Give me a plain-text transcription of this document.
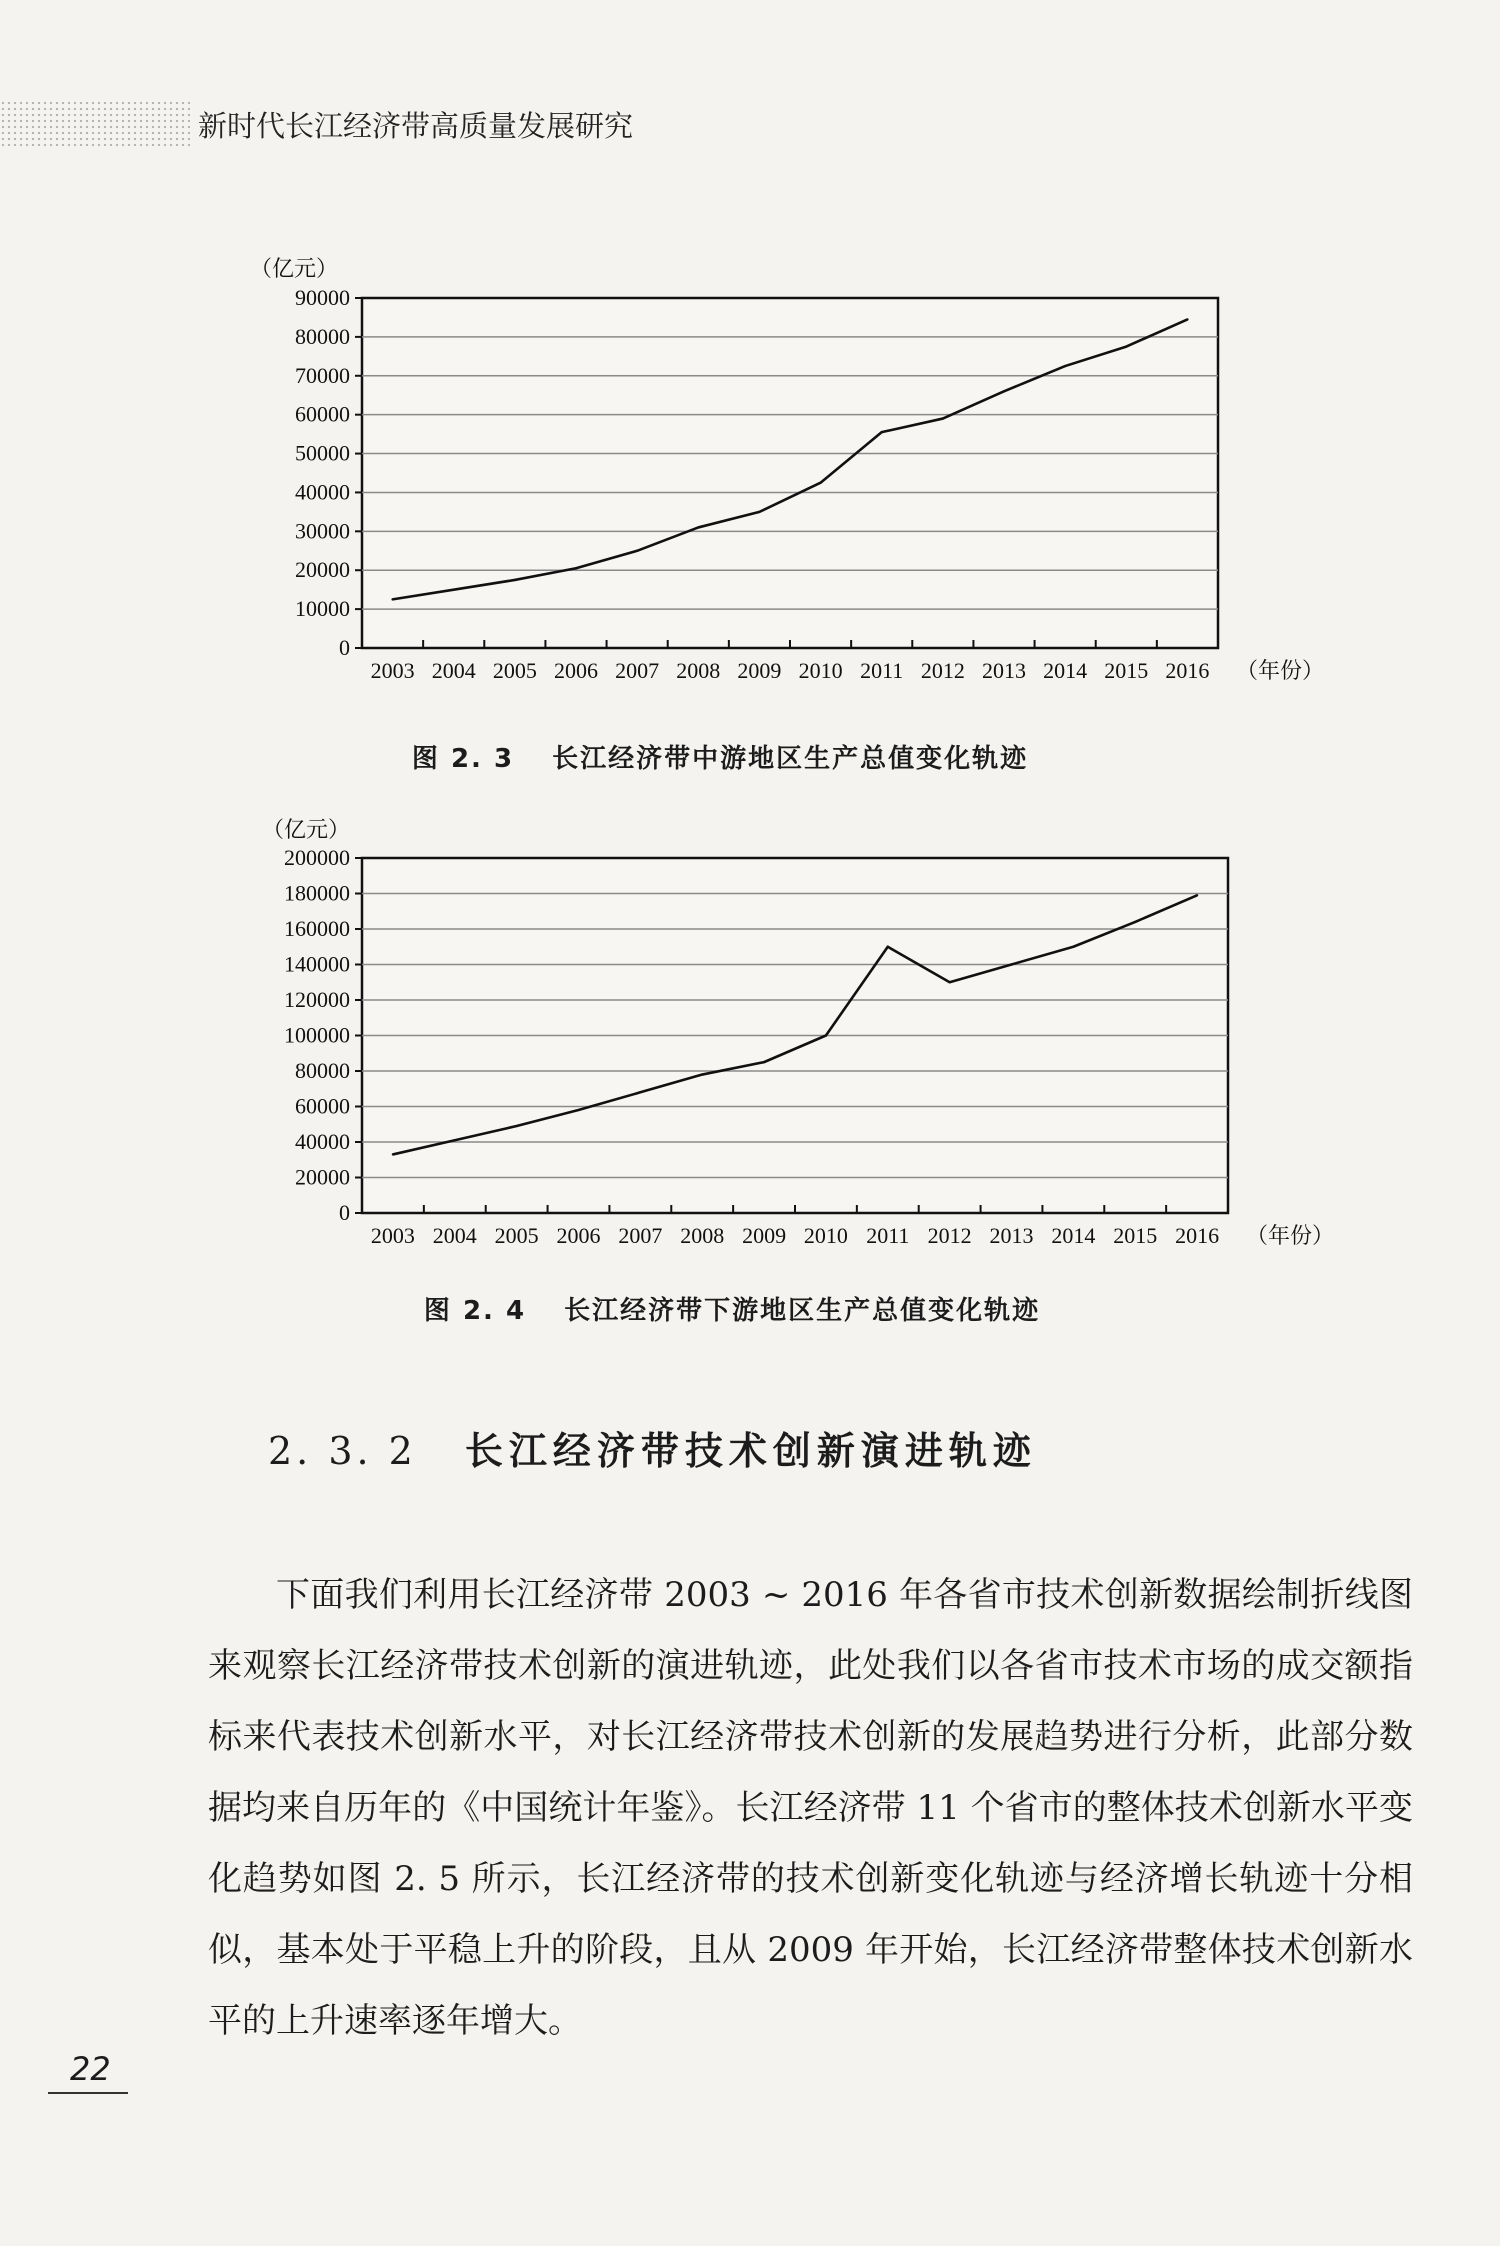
新时代长江经济带高质量发展研究
0
10000
20000
30000
40000
50000
60000
70000
80000
90000
2003 2004 2005 2006 2007 2008 2009 2010 2011 2012 2013 2014 2015 2016
（亿元）
（年份）
图 2. 3 长江经济带中游地区生产总值变化轨迹
0
20000
40000
60000
80000
100000
120000
140000
160000
180000
200000
2003 2004 2005 2006 2007 2008 2009 2010 2011 2012 2013 2014 2015 2016
（亿元）
（年份）
图 2. 4 长江经济带下游地区生产总值变化轨迹
2. 3. 2 长江经济带技术创新演进轨迹
下面我们利用长江经济带 2003 ~ 2016 年各省市技术创新数据绘制折线图来观察长江经济带技术创新的演进轨迹，此处我们以各省市技术市场的成交额指标来代表技术创新水平，对长江经济带技术创新的发展趋势进行分析，此部分数据均来自历年的《中国统计年鉴》。长江经济带 11 个省市的整体技术创新水平变化趋势如图 2. 5 所示，长江经济带的技术创新变化轨迹与经济增长轨迹十分相似，基本处于平稳上升的阶段，且从 2009 年开始，长江经济带整体技术创新水平的上升速率逐年增大。
22
